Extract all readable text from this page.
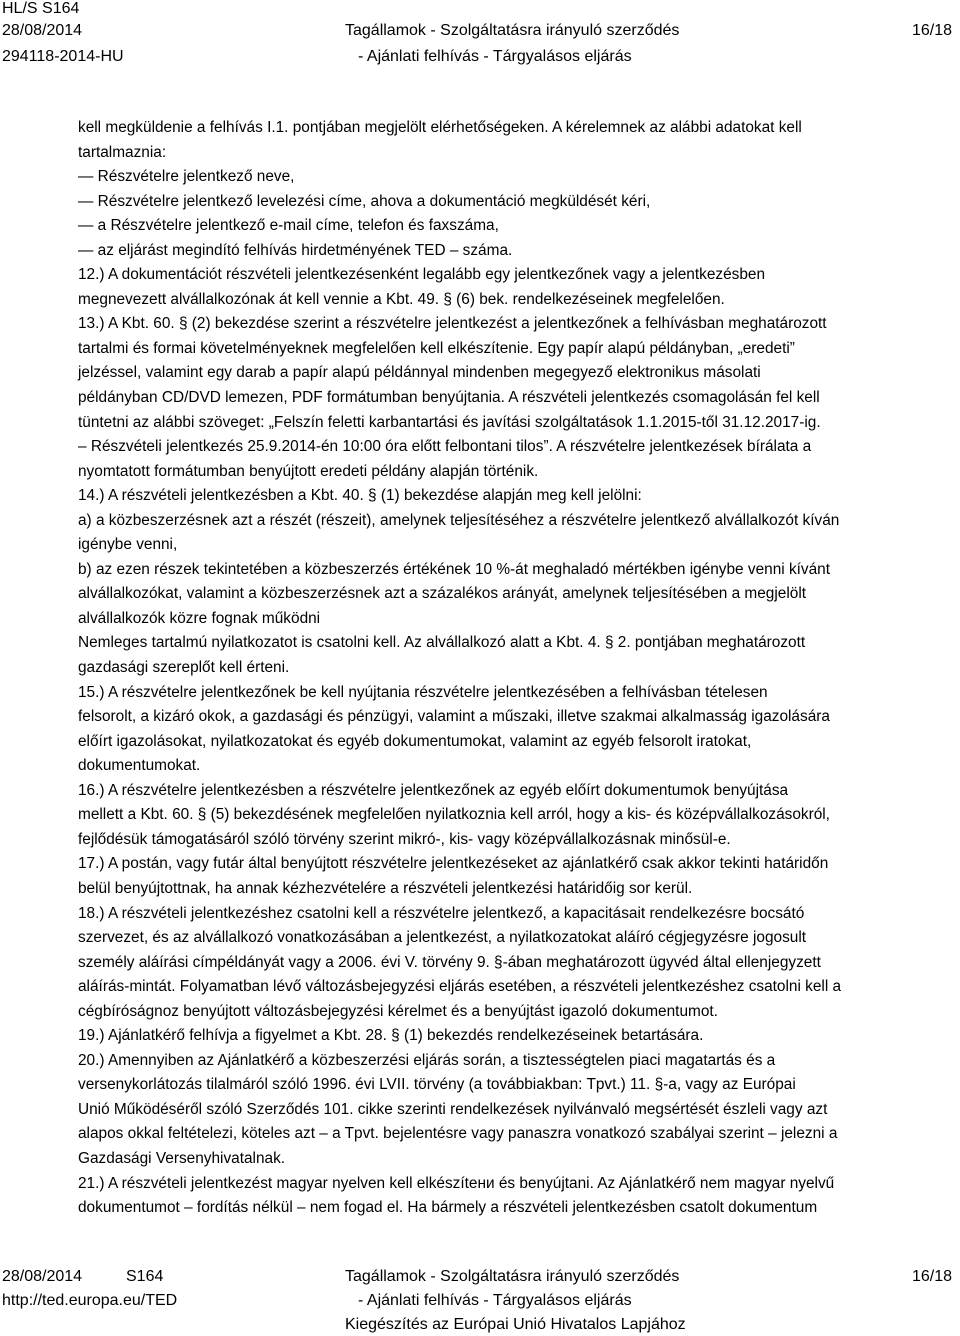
HL/S S164
28/08/2014
294118-2014-HU
Tagállamok - Szolgáltatásra irányuló szerződés
- Ajánlati felhívás - Tárgyalásos eljárás
16/18

kell megküldenie a felhívás I.1. pontjában megjelölt elérhetőségeken. A kérelemnek az alábbi adatokat kell

tartalmaznia:

— Részvételre jelentkező neve,

— Részvételre jelentkező levelezési címe, ahova a dokumentáció megküldését kéri,

— a Részvételre jelentkező e-mail címe, telefon és faxszáma,

— az eljárást megindító felhívás hirdetményének TED – száma.

12.) A dokumentációt részvételi jelentkezésenként legalább egy jelentkezőnek vagy a jelentkezésben

megnevezett alvállalkozónak át kell vennie a Kbt. 49. § (6) bek. rendelkezéseinek megfelelően.

13.) A Kbt. 60. § (2) bekezdése szerint a részvételre jelentkezést a jelentkezőnek a felhívásban meghatározott

tartalmi és formai követelményeknek megfelelően kell elkészítenie. Egy papír alapú példányban, „eredeti”

jelzéssel, valamint egy darab a papír alapú példánnyal mindenben megegyező elektronikus másolati

példányban CD/DVD lemezen, PDF formátumban benyújtania. A részvételi jelentkezés csomagolásán fel kell

tüntetni az alábbi szöveget: „Felszín feletti karbantartási és javítási szolgáltatások 1.1.2015-től 31.12.2017-ig.

– Részvételi jelentkezés 25.9.2014-én 10:00 óra előtt felbontani tilos”. A részvételre jelentkezések bírálata a

nyomtatott formátumban benyújtott eredeti példány alapján történik.

14.) A részvételi jelentkezésben a Kbt. 40. § (1) bekezdése alapján meg kell jelölni:

a) a közbeszerzésnek azt a részét (részeit), amelynek teljesítéséhez a részvételre jelentkező alvállalkozót kíván

igénybe venni,

b) az ezen részek tekintetében a közbeszerzés értékének 10 %-át meghaladó mértékben igénybe venni kívánt

alvállalkozókat, valamint a közbeszerzésnek azt a százalékos arányát, amelynek teljesítésében a megjelölt

alvállalkozók közre fognak működni

Nemleges tartalmú nyilatkozatot is csatolni kell. Az alvállalkozó alatt a Kbt. 4. § 2. pontjában meghatározott

gazdasági szereplőt kell érteni.

15.) A részvételre jelentkezőnek be kell nyújtania részvételre jelentkezésében a felhívásban tételesen

felsorolt, a kizáró okok, a gazdasági és pénzügyi, valamint a műszaki, illetve szakmai alkalmasság igazolására

előírt igazolásokat, nyilatkozatokat és egyéb dokumentumokat, valamint az egyéb felsorolt iratokat,

dokumentumokat.

16.) A részvételre jelentkezésben a részvételre jelentkezőnek az egyéb előírt dokumentumok benyújtása

mellett a Kbt. 60. § (5) bekezdésének megfelelően nyilatkoznia kell arról, hogy a kis- és középvállalkozásokról,

fejlődésük támogatásáról szóló törvény szerint mikró-, kis- vagy középvállalkozásnak minősül-e.

17.) A postán, vagy futár által benyújtott részvételre jelentkezéseket az ajánlatkérő csak akkor tekinti határidőn

belül benyújtottnak, ha annak kézhezvételére a részvételi jelentkezési határidőig sor kerül.

18.) A részvételi jelentkezéshez csatolni kell a részvételre jelentkező, a kapacitásait rendelkezésre bocsátó

szervezet, és az alvállalkozó vonatkozásában a jelentkezést, a nyilatkozatokat aláíró cégjegyzésre jogosult

személy aláírási címpéldányát vagy a 2006. évi V. törvény 9. §-ában meghatározott ügyvéd által ellenjegyzett

aláírás-mintát. Folyamatban lévő változásbejegyzési eljárás esetében, a részvételi jelentkezéshez csatolni kell a

cégbíróságnoz benyújtott változásbejegyzési kérelmet és a benyújtást igazoló dokumentumot.

19.) Ajánlatkérő felhívja a figyelmet a Kbt. 28. § (1) bekezdés rendelkezéseinek betartására.

20.) Amennyiben az Ajánlatkérő a közbeszerzési eljárás során, a tisztességtelen piaci magatartás és a

versenykorlátozás tilalmáról szóló 1996. évi LVII. törvény (a továbbiakban: Tpvt.) 11. §-a, vagy az Európai

Unió Működéséről szóló Szerződés 101. cikke szerinti rendelkezések nyilvánvaló megsértését észleli vagy azt

alapos okkal feltételezi, köteles azt – a Tpvt. bejelentésre vagy panaszra vonatkozó szabályai szerint – jelezni a

Gazdasági Versenyhivatalnak.

21.) A részvételi jelentkezést magyar nyelven kell elkészítени és benyújtani. Az Ajánlatkérő nem magyar nyelvű

dokumentumot – fordítás nélkül – nem fogad el. Ha bármely a részvételi jelentkezésben csatolt dokumentum

28/08/2014	S164
http://ted.europa.eu/TED
Tagállamok - Szolgáltatásra irányuló szerződés
- Ajánlati felhívás - Tárgyalásos eljárás
Kiegészítés az Európai Unió Hivatalos Lapjához
16/18
